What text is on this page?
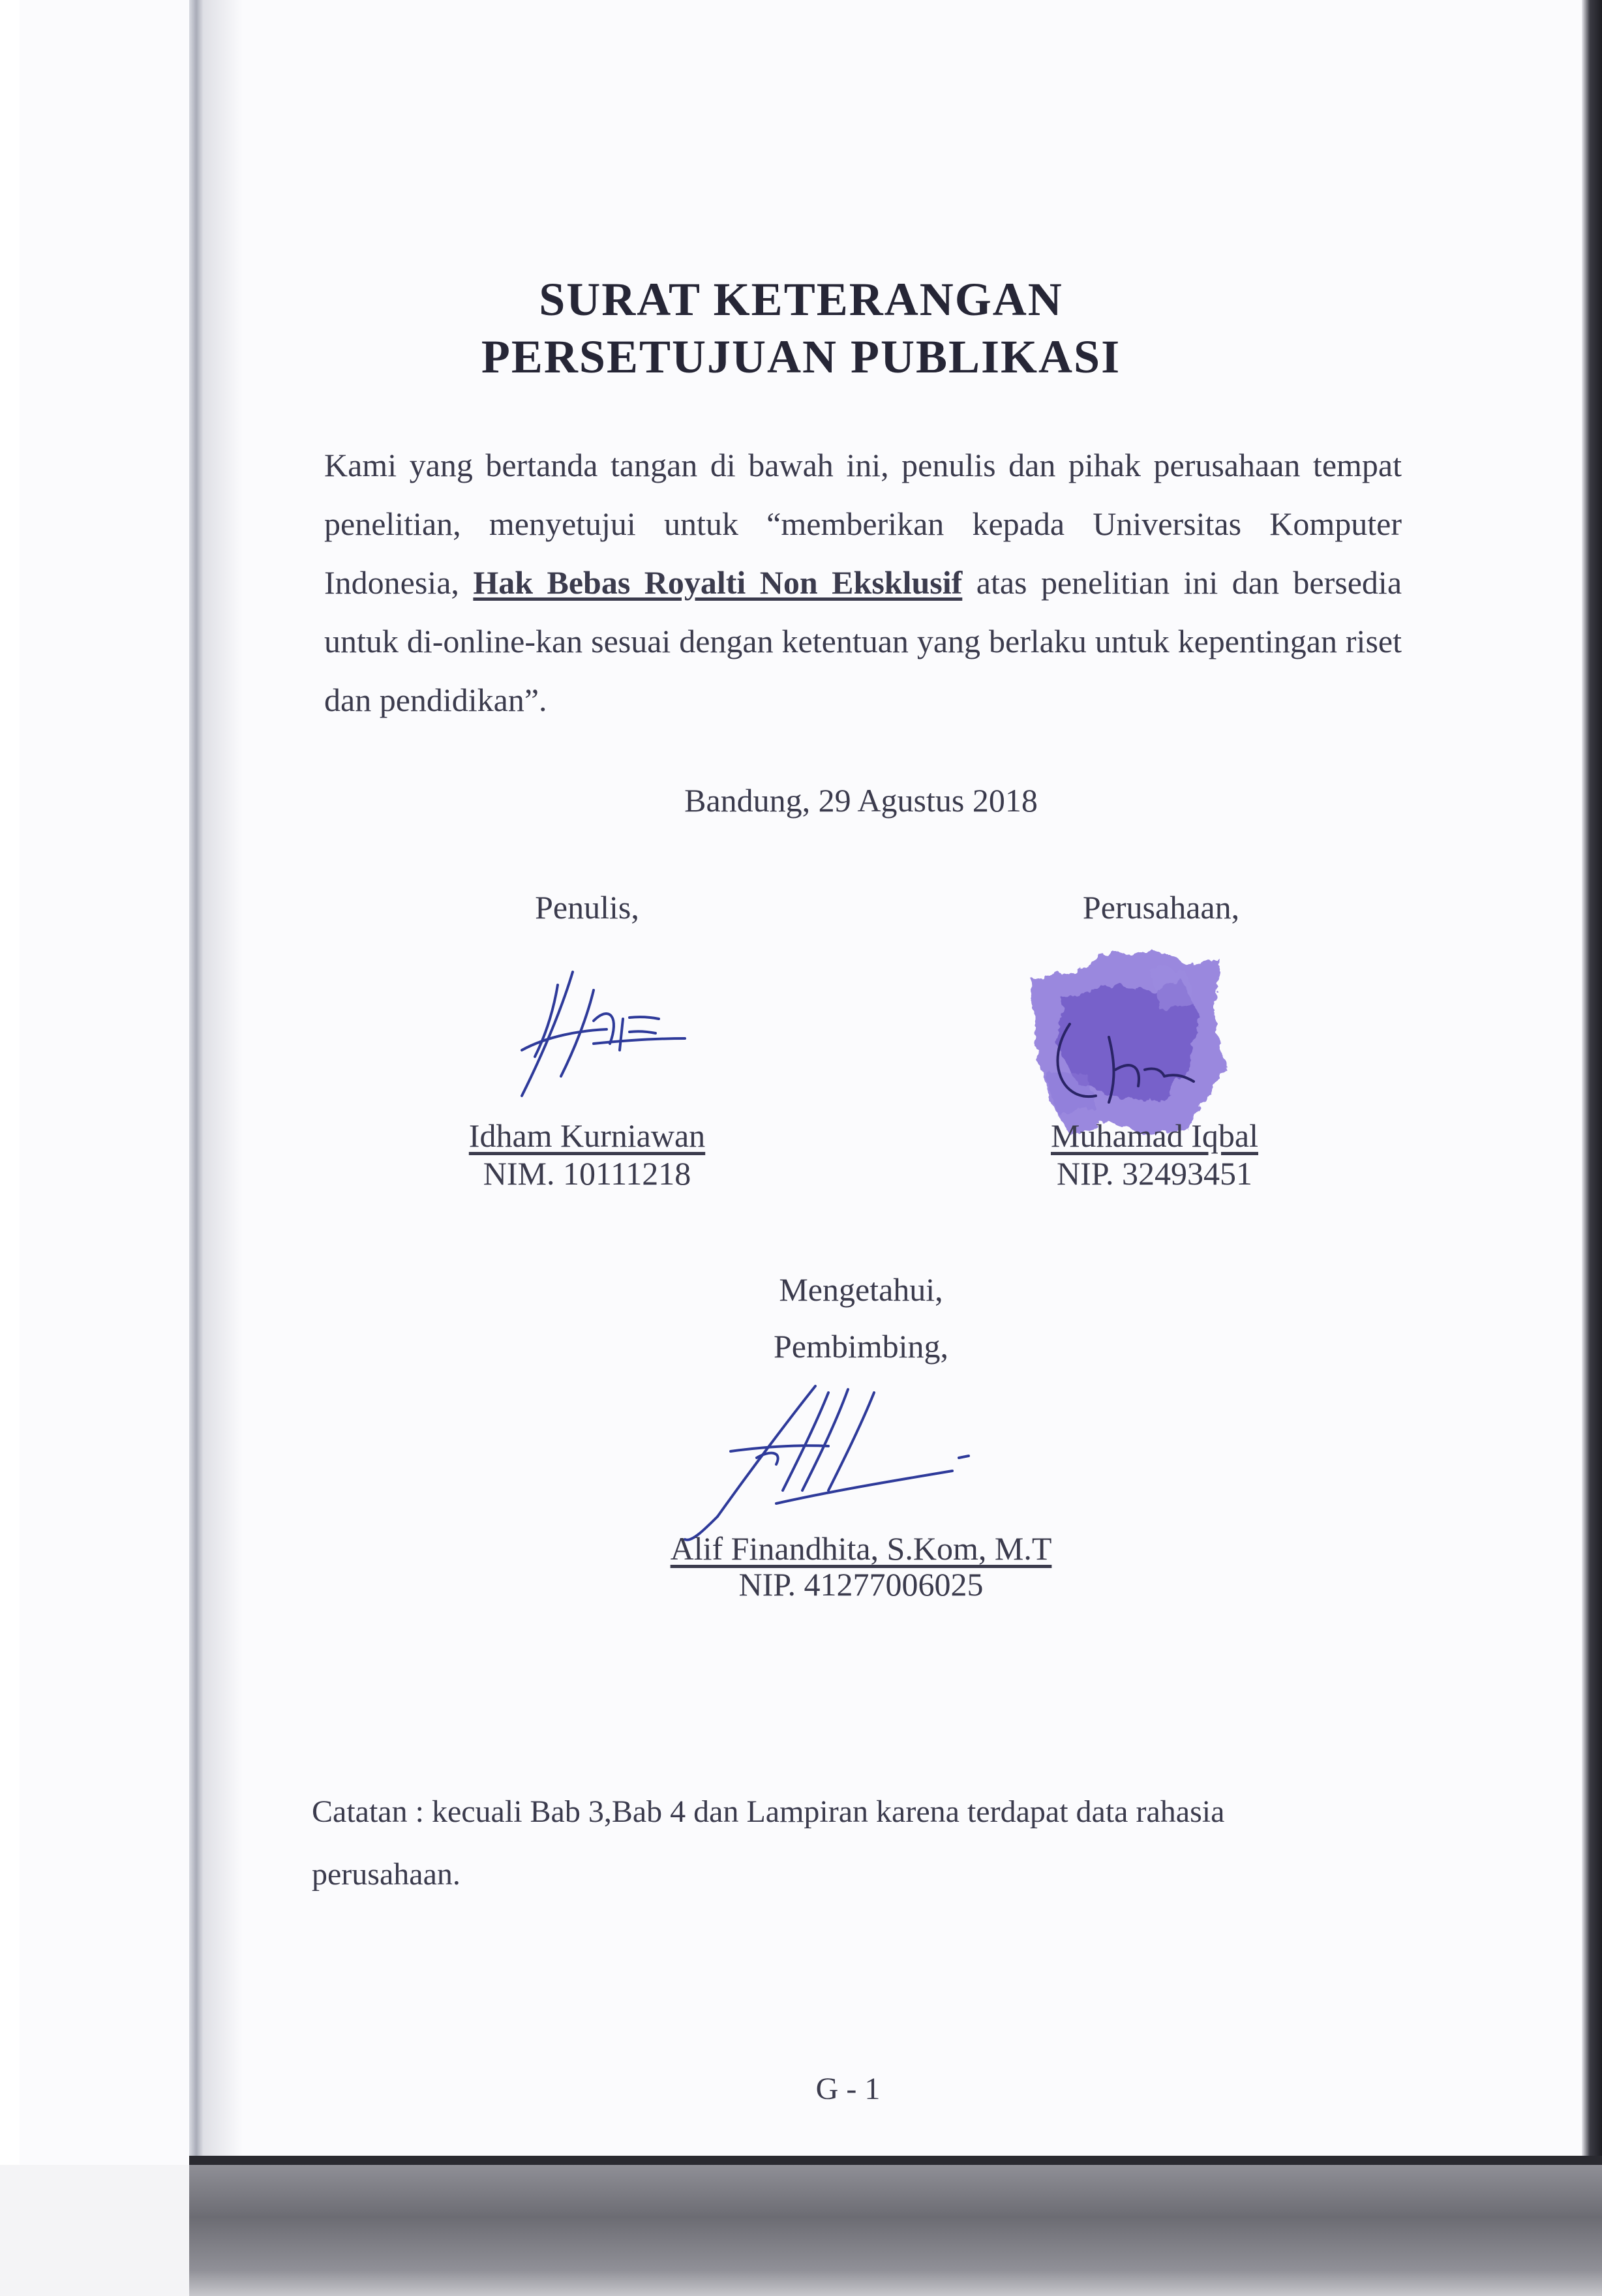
SURAT KETERANGAN
PERSETUJUAN PUBLIKASI
Kami yang bertanda tangan di bawah ini, penulis dan pihak perusahaan tempat
penelitian, menyetujui untuk “memberikan kepada Universitas Komputer
Indonesia, Hak Bebas Royalti Non Eksklusif atas penelitian ini dan bersedia
untuk di-online-kan sesuai dengan ketentuan yang berlaku untuk kepentingan riset
dan pendidikan”.
Bandung, 29 Agustus 2018
Penulis,
Idham Kurniawan
NIM. 10111218
Perusahaan,
Muhamad Iqbal
NIP. 32493451
Mengetahui,
Pembimbing,
Alif Finandhita, S.Kom, M.T
NIP. 41277006025
Catatan : kecuali Bab 3,Bab 4 dan Lampiran karena terdapat data rahasia
perusahaan.
G - 1
